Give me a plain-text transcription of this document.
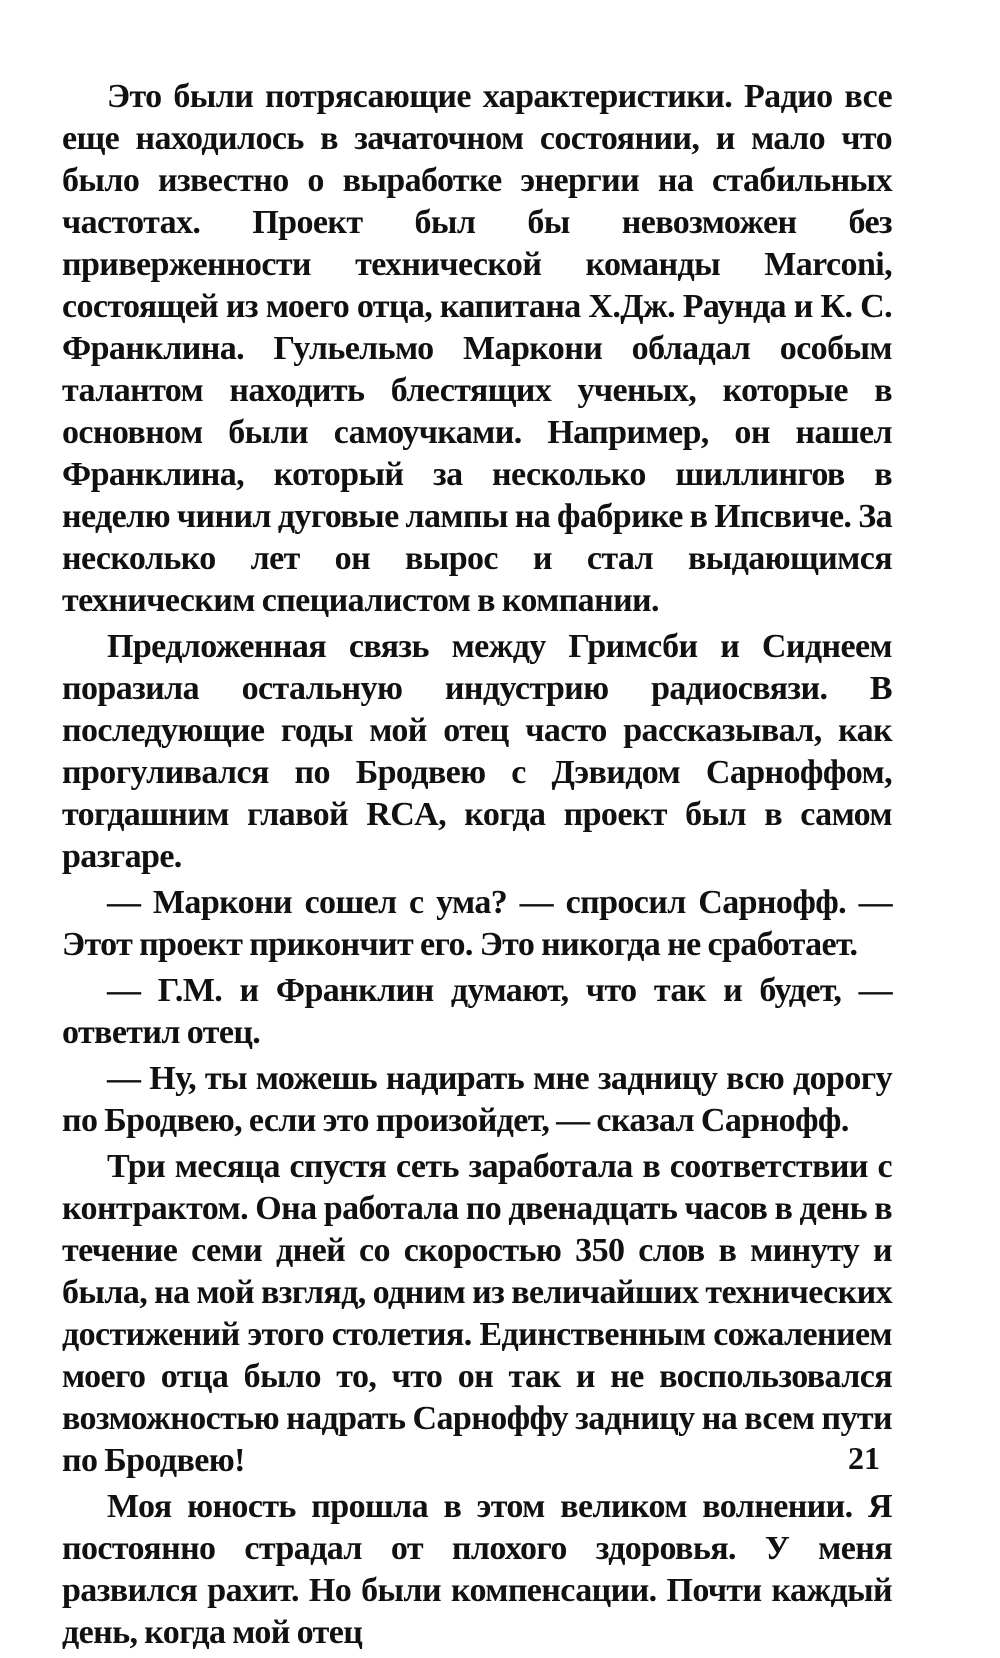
Это были потрясающие характеристики. Радио все еще находилось в зачаточном состоянии, и мало что было известно о выработке энергии на стабильных частотах. Проект был бы невозможен без приверженности технической команды Marconi, состоящей из моего отца, капитана Х.Дж. Раунда и К. С. Франклина. Гульельмо Маркони обладал особым талантом находить блестящих ученых, которые в основном были самоучками. Например, он нашел Франклина, который за несколько шиллингов в неделю чинил дуговые лампы на фабрике в Ипсвиче. За несколько лет он вырос и стал выдающимся техническим специалистом в компании.

Предложенная связь между Гримсби и Сиднеем поразила остальную индустрию радиосвязи. В последующие годы мой отец часто рассказывал, как прогуливался по Бродвею с Дэвидом Сарноффом, тогдашним главой RCA, когда проект был в самом разгаре.

— Маркони сошел с ума? — спросил Сарнофф. — Этот проект прикончит его. Это никогда не сработает.

— Г.М. и Франклин думают, что так и будет, — ответил отец.

— Ну, ты можешь надирать мне задницу всю дорогу по Бродвею, если это произойдет, — сказал Сарнофф.

Три месяца спустя сеть заработала в соответствии с контрактом. Она работала по двенадцать часов в день в течение семи дней со скоростью 350 слов в минуту и была, на мой взгляд, одним из величайших технических достижений этого столетия. Единственным сожалением моего отца было то, что он так и не воспользовался возможностью надрать Сарноффу задницу на всем пути по Бродвею!

Моя юность прошла в этом великом волнении. Я постоянно страдал от плохого здоровья. У меня развился рахит. Но были компенсации. Почти каждый день, когда мой отец

21
